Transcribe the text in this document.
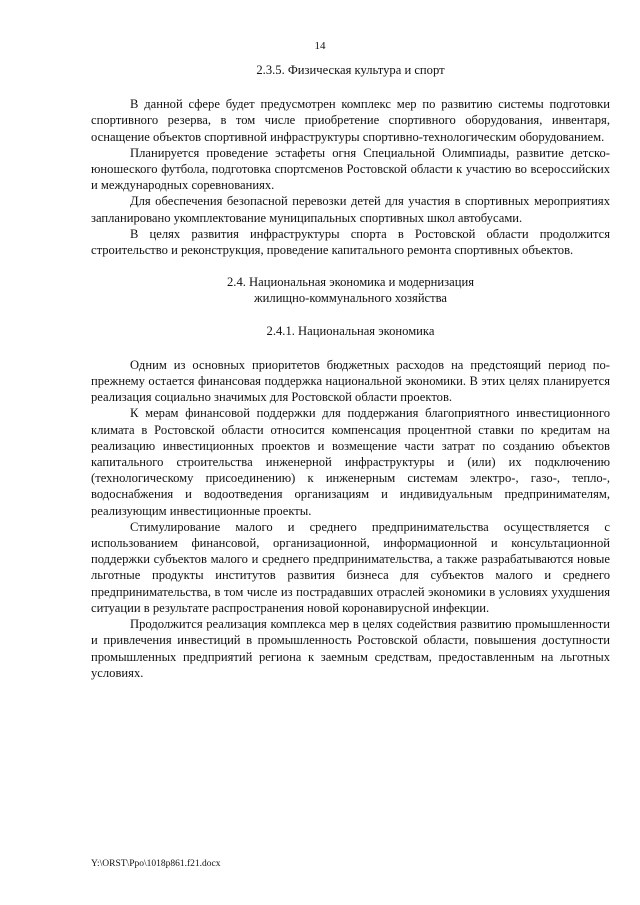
14

2.3.5. Физическая культура и спорт

В данной сфере будет предусмотрен комплекс мер по развитию системы подготовки спортивного резерва, в том числе приобретение спортивного оборудования, инвентаря, оснащение объектов спортивной инфраструктуры спортивно-технологическим оборудованием.

Планируется проведение эстафеты огня Специальной Олимпиады, развитие детско-юношеского футбола, подготовка спортсменов Ростовской области к участию во всероссийских и международных соревнованиях.

Для обеспечения безопасной перевозки детей для участия в спортивных мероприятиях запланировано укомплектование муниципальных спортивных школ автобусами.

В целях развития инфраструктуры спорта в Ростовской области продолжится строительство и реконструкция, проведение капитального ремонта спортивных объектов.

2.4. Национальная экономика и модернизация

жилищно-коммунального хозяйства

2.4.1. Национальная экономика

Одним из основных приоритетов бюджетных расходов на предстоящий период по-прежнему остается финансовая поддержка национальной экономики. В этих целях планируется реализация социально значимых для Ростовской области проектов.

К мерам финансовой поддержки для поддержания благоприятного инвестиционного климата в Ростовской области относится компенсация процентной ставки по кредитам на реализацию инвестиционных проектов и возмещение части затрат по созданию объектов капитального строительства инженерной инфраструктуры и (или) их подключению (технологическому присоединению) к инженерным системам электро-, газо-, тепло-, водоснабжения и водоотведения организациям и индивидуальным предпринимателям, реализующим инвестиционные проекты.

Стимулирование малого и среднего предпринимательства осуществляется с использованием финансовой, организационной, информационной и консультационной поддержки субъектов малого и среднего предпринимательства, а также разрабатываются новые льготные продукты институтов развития бизнеса для субъектов малого и среднего предпринимательства, в том числе из пострадавших отраслей экономики в условиях ухудшения ситуации в результате распространения новой коронавирусной инфекции.

Продолжится реализация комплекса мер в целях содействия развитию промышленности и привлечения инвестиций в промышленность Ростовской области, повышения доступности промышленных предприятий региона к заемным средствам, предоставленным на льготных условиях.

Y:\ORST\Ppo\1018p861.f21.docx
